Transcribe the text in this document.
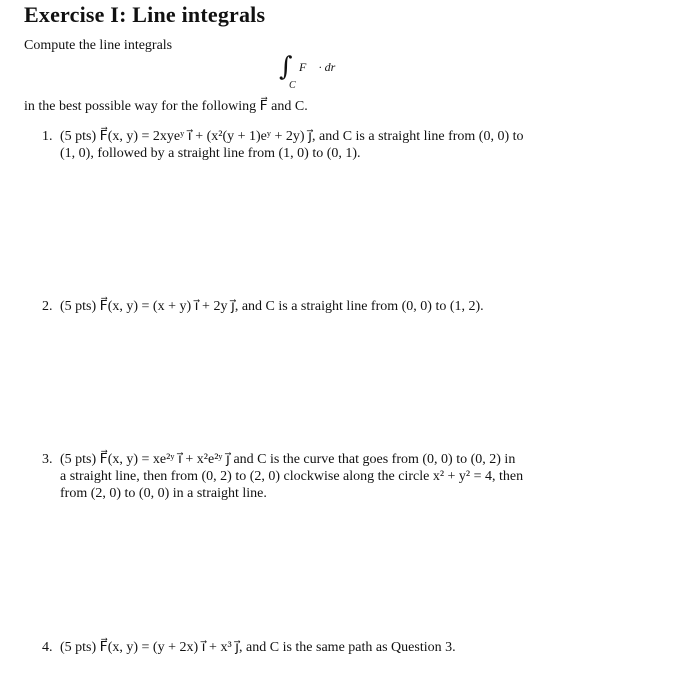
Exercise I: Line integrals
Compute the line integrals
∫
C
F⃗ · dr⃗
in the best possible way for the following F⃗ and C.
1. (5 pts) F⃗(x, y) = 2xyeʸ i⃗ + (x²(y + 1)eʸ + 2y) j⃗, and C is a straight line from (0, 0) to
(1, 0), followed by a straight line from (1, 0) to (0, 1).
2. (5 pts) F⃗(x, y) = (x + y) i⃗ + 2y j⃗, and C is a straight line from (0, 0) to (1, 2).
3. (5 pts) F⃗(x, y) = xe²ʸ i⃗ + x²e²ʸ j⃗ and C is the curve that goes from (0, 0) to (0, 2) in
a straight line, then from (0, 2) to (2, 0) clockwise along the circle x² + y² = 4, then
from (2, 0) to (0, 0) in a straight line.
4. (5 pts) F⃗(x, y) = (y + 2x) i⃗ + x³ j⃗, and C is the same path as Question 3.
